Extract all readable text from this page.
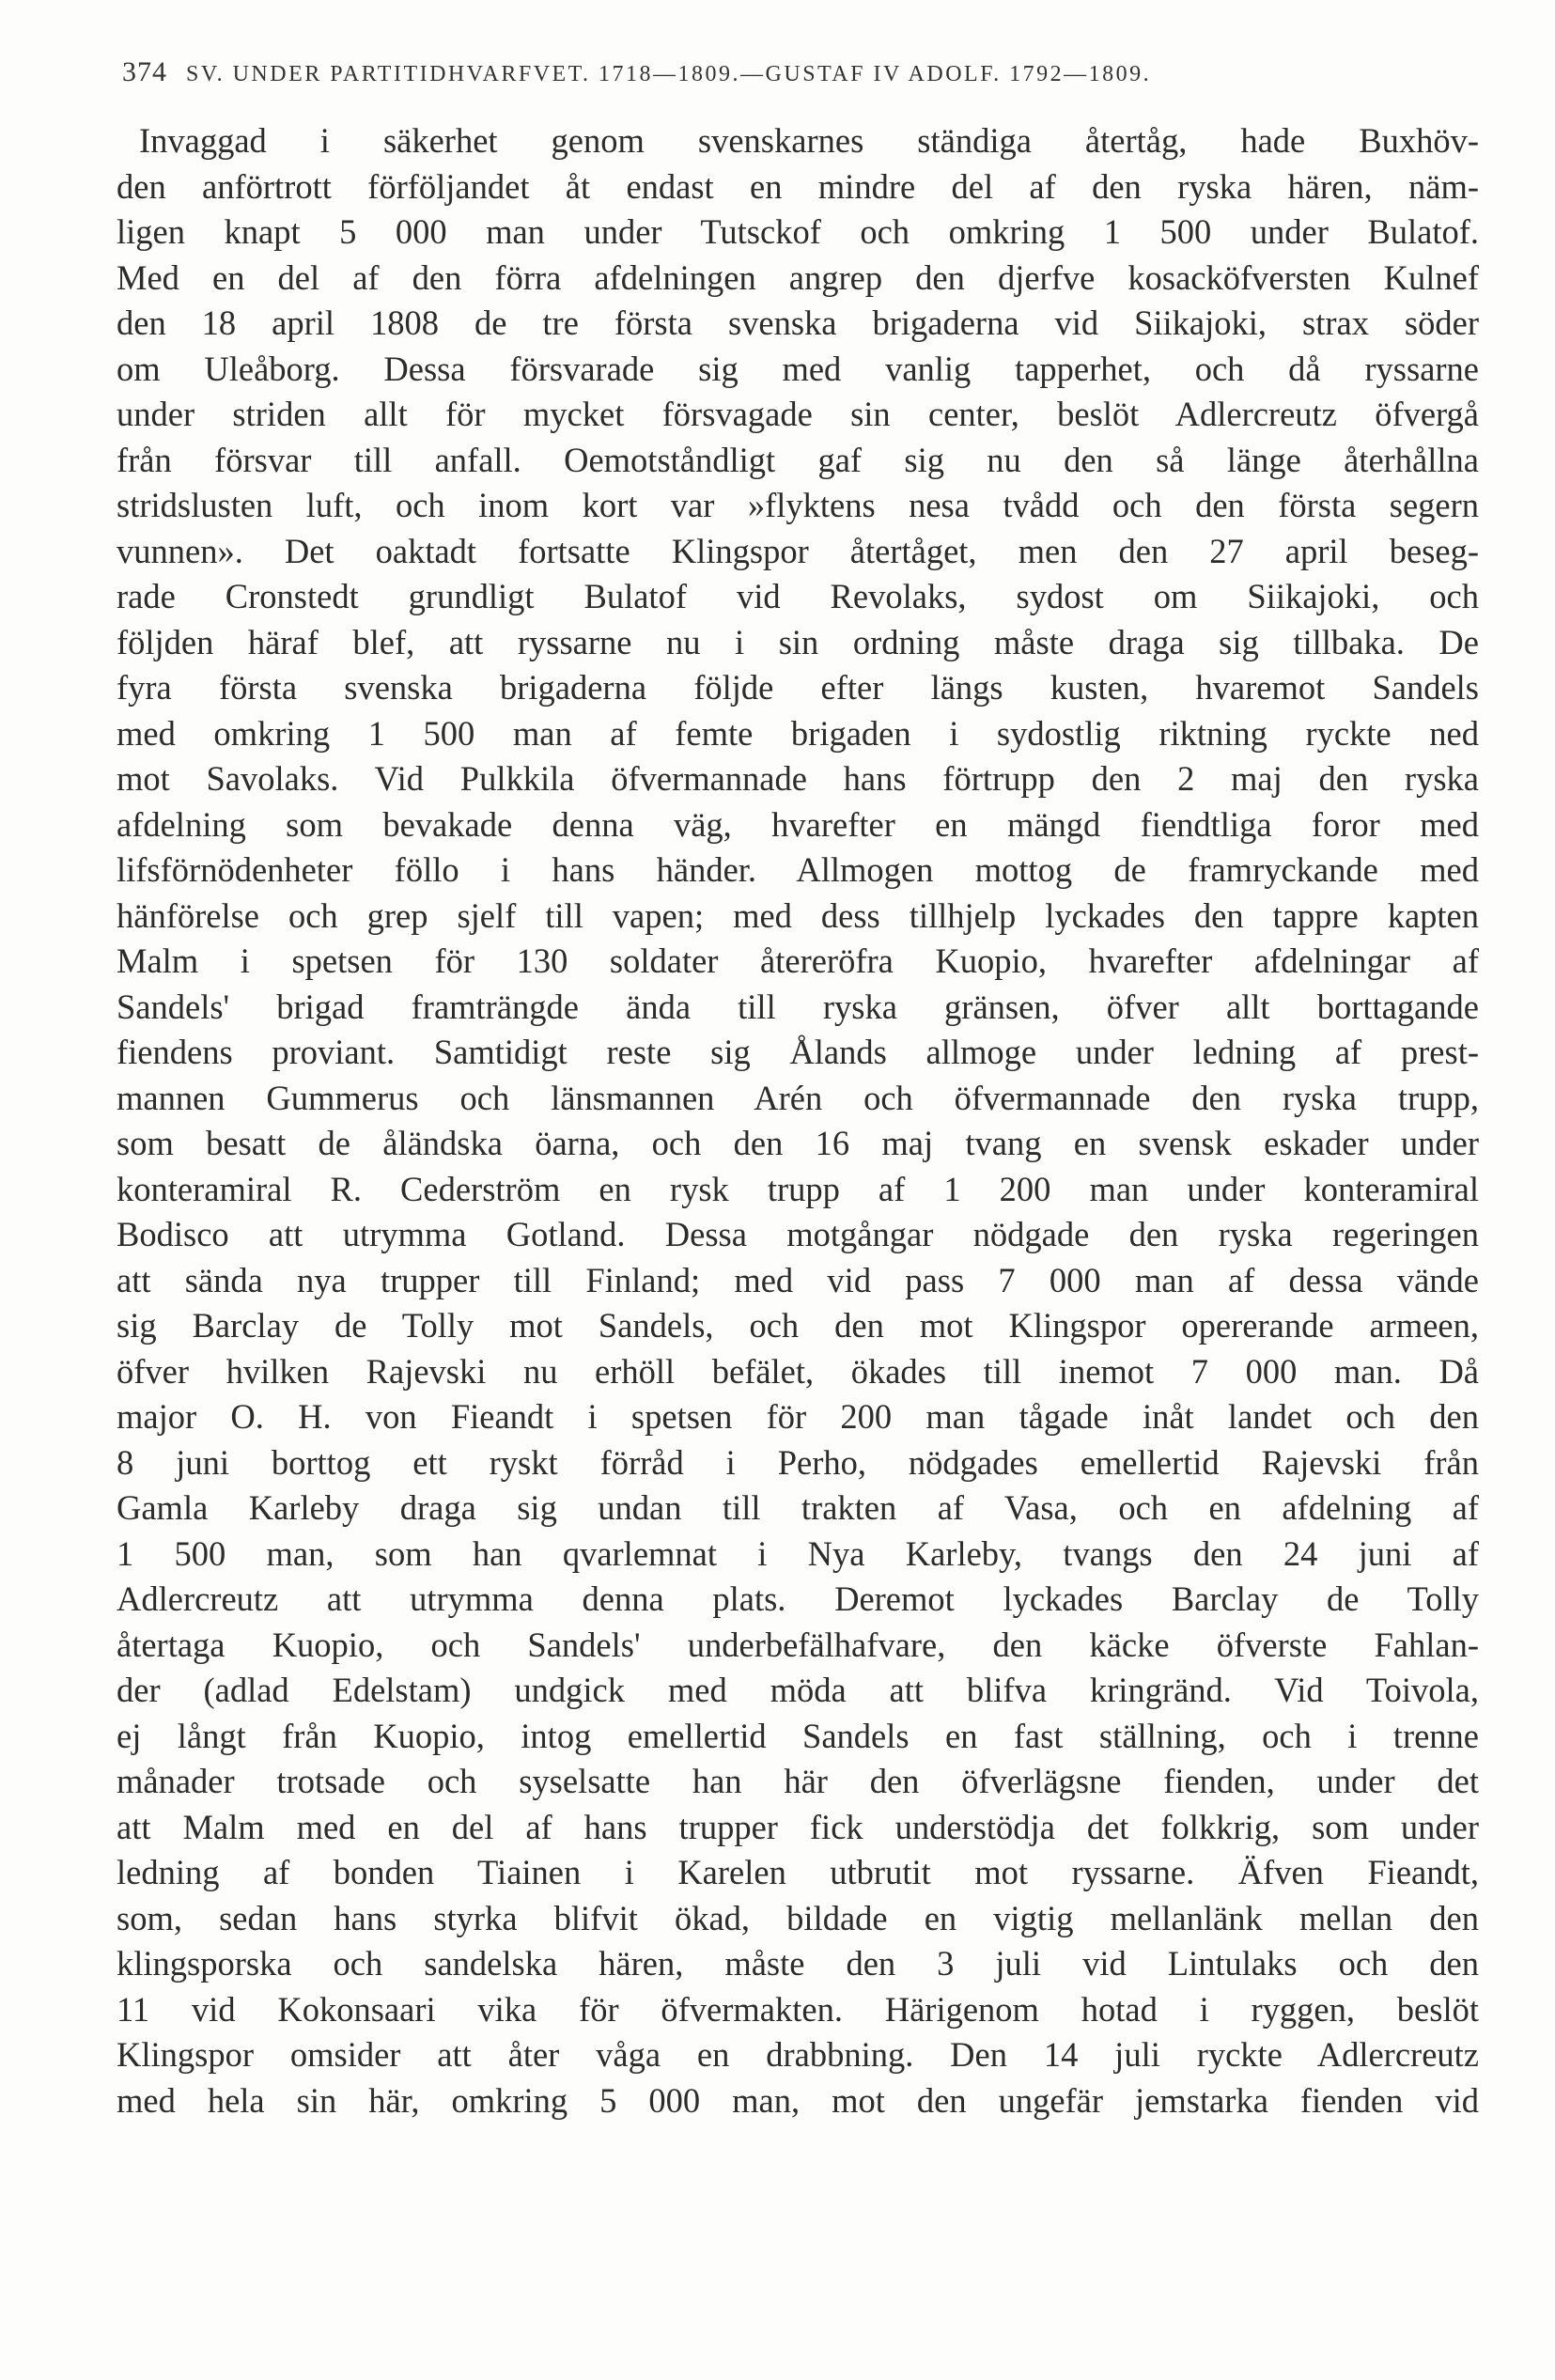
374 SV. UNDER PARTITIDHVARFVET. 1718—1809.—GUSTAF IV ADOLF. 1792—1809.
Invaggad i säkerhet genom svenskarnes ständiga återtåg, hade Buxhöv-
den anförtrott förföljandet åt endast en mindre del af den ryska hären, näm-
ligen knapt 5 000 man under Tutsckof och omkring 1 500 under Bulatof.
Med en del af den förra afdelningen angrep den djerfve kosacköfversten Kulnef
den 18 april 1808 de tre första svenska brigaderna vid Siikajoki, strax söder
om Uleåborg. Dessa försvarade sig med vanlig tapperhet, och då ryssarne
under striden allt för mycket försvagade sin center, beslöt Adlercreutz öfvergå
från försvar till anfall. Oemotståndligt gaf sig nu den så länge återhållna
stridslusten luft, och inom kort var »flyktens nesa tvådd och den första segern
vunnen». Det oaktadt fortsatte Klingspor återtåget, men den 27 april beseg-
rade Cronstedt grundligt Bulatof vid Revolaks, sydost om Siikajoki, och
följden häraf blef, att ryssarne nu i sin ordning måste draga sig tillbaka. De
fyra första svenska brigaderna följde efter längs kusten, hvaremot Sandels
med omkring 1 500 man af femte brigaden i sydostlig riktning ryckte ned
mot Savolaks. Vid Pulkkila öfvermannade hans förtrupp den 2 maj den ryska
afdelning som bevakade denna väg, hvarefter en mängd fiendtliga foror med
lifsförnödenheter föllo i hans händer. Allmogen mottog de framryckande med
hänförelse och grep sjelf till vapen; med dess tillhjelp lyckades den tappre kapten
Malm i spetsen för 130 soldater återeröfra Kuopio, hvarefter afdelningar af
Sandels' brigad framträngde ända till ryska gränsen, öfver allt borttagande
fiendens proviant. Samtidigt reste sig Ålands allmoge under ledning af prest-
mannen Gummerus och länsmannen Arén och öfvermannade den ryska trupp,
som besatt de åländska öarna, och den 16 maj tvang en svensk eskader under
konteramiral R. Cederström en rysk trupp af 1 200 man under konteramiral
Bodisco att utrymma Gotland. Dessa motgångar nödgade den ryska regeringen
att sända nya trupper till Finland; med vid pass 7 000 man af dessa vände
sig Barclay de Tolly mot Sandels, och den mot Klingspor opererande armeen,
öfver hvilken Rajevski nu erhöll befälet, ökades till inemot 7 000 man. Då
major O. H. von Fieandt i spetsen för 200 man tågade inåt landet och den
8 juni borttog ett ryskt förråd i Perho, nödgades emellertid Rajevski från
Gamla Karleby draga sig undan till trakten af Vasa, och en afdelning af
1 500 man, som han qvarlemnat i Nya Karleby, tvangs den 24 juni af
Adlercreutz att utrymma denna plats. Deremot lyckades Barclay de Tolly
återtaga Kuopio, och Sandels' underbefälhafvare, den käcke öfverste Fahlan-
der (adlad Edelstam) undgick med möda att blifva kringränd. Vid Toivola,
ej långt från Kuopio, intog emellertid Sandels en fast ställning, och i trenne
månader trotsade och syselsatte han här den öfverlägsne fienden, under det
att Malm med en del af hans trupper fick understödja det folkkrig, som under
ledning af bonden Tiainen i Karelen utbrutit mot ryssarne. Äfven Fieandt,
som, sedan hans styrka blifvit ökad, bildade en vigtig mellanlänk mellan den
klingsporska och sandelska hären, måste den 3 juli vid Lintulaks och den
11 vid Kokonsaari vika för öfvermakten. Härigenom hotad i ryggen, beslöt
Klingspor omsider att åter våga en drabbning. Den 14 juli ryckte Adlercreutz
med hela sin här, omkring 5 000 man, mot den ungefär jemstarka fienden vid
